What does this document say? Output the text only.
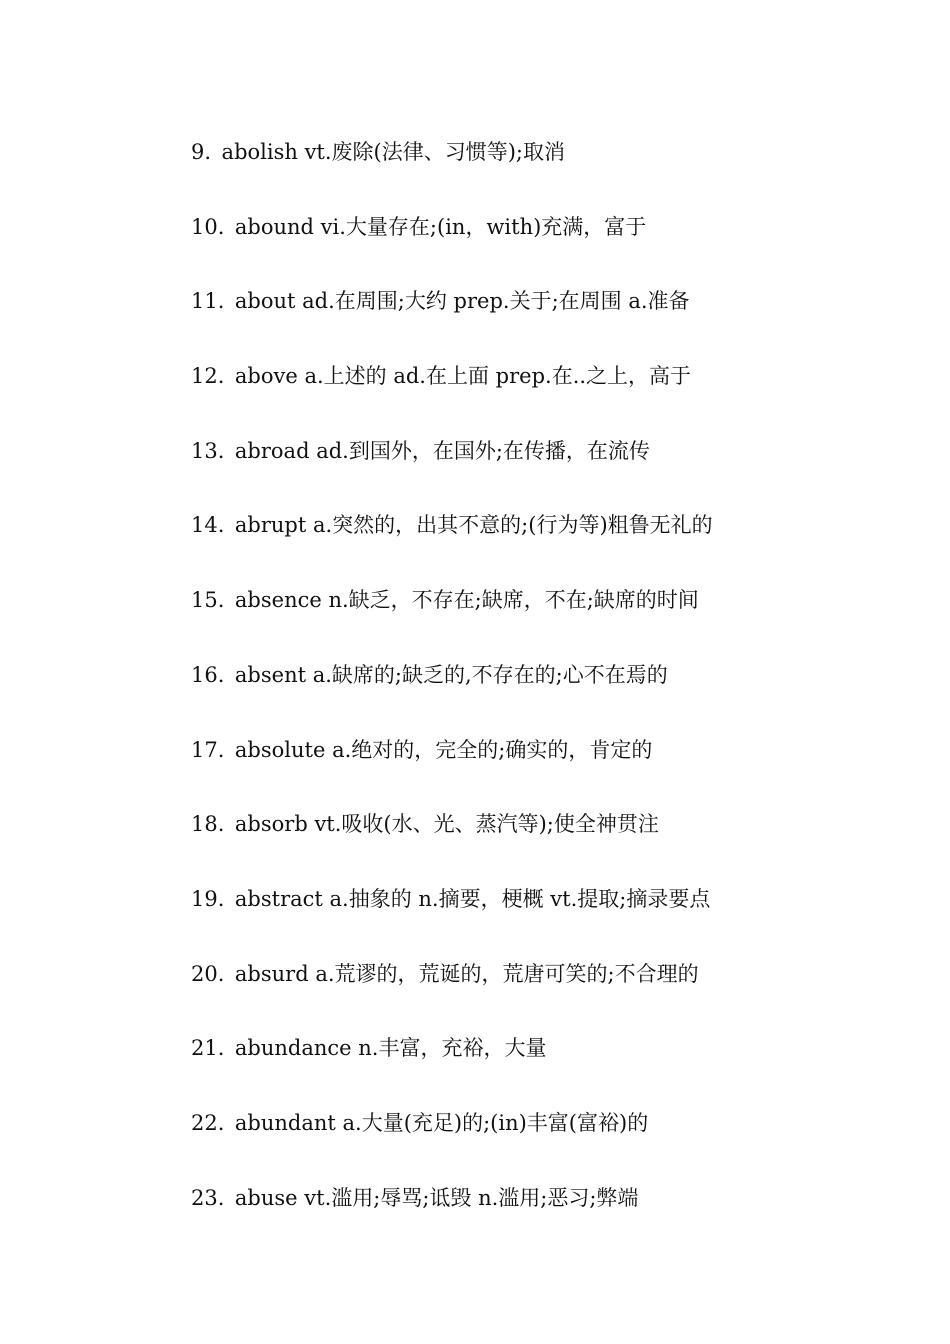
9. abolish vt.废除(法律、习惯等);取消
10. abound vi.大量存在;(in，with)充满，富于
11. about ad.在周围;大约 prep.关于;在周围 a.准备
12. above a.上述的 ad.在上面 prep.在..之上，高于
13. abroad ad.到国外，在国外;在传播，在流传
14. abrupt a.突然的，出其不意的;(行为等)粗鲁无礼的
15. absence n.缺乏，不存在;缺席，不在;缺席的时间
16. absent a.缺席的;缺乏的,不存在的;心不在焉的
17. absolute a.绝对的，完全的;确实的，肯定的
18. absorb vt.吸收(水、光、蒸汽等);使全神贯注
19. abstract a.抽象的 n.摘要，梗概 vt.提取;摘录要点
20. absurd a.荒谬的，荒诞的，荒唐可笑的;不合理的
21. abundance n.丰富，充裕，大量
22. abundant a.大量(充足)的;(in)丰富(富裕)的
23. abuse vt.滥用;辱骂;诋毁 n.滥用;恶习;弊端
